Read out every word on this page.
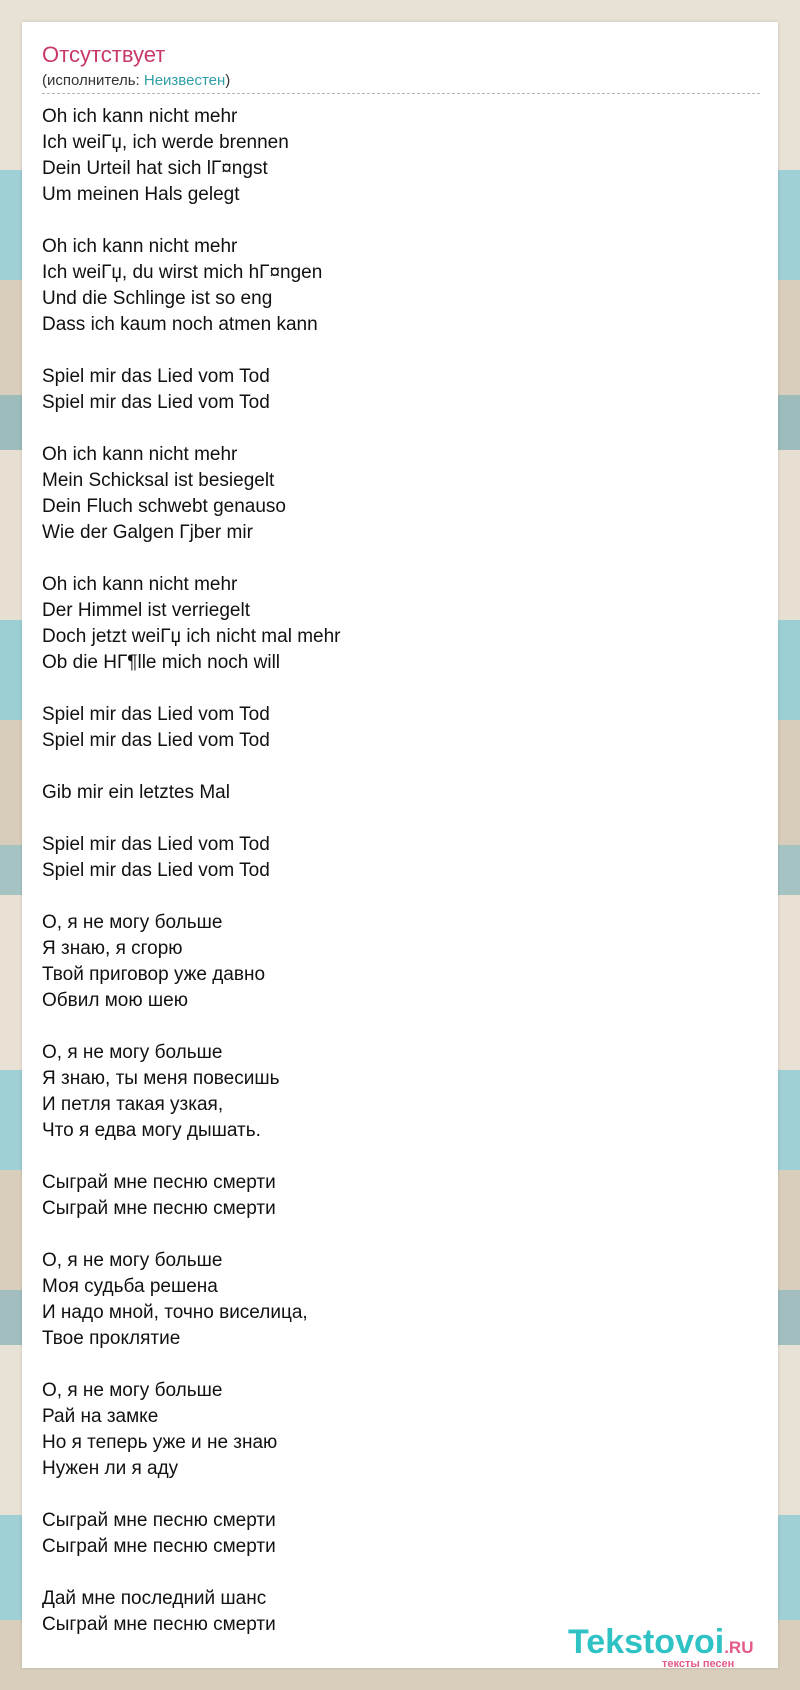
Отсутствует
(исполнитель: Неизвестен)
Oh ich kann nicht mehr
Ich weiГџ, ich werde brennen
Dein Urteil hat sich lГ¤ngst
Um meinen Hals gelegt
Oh ich kann nicht mehr
Ich weiГџ, du wirst mich hГ¤ngen
Und die Schlinge ist so eng
Dass ich kaum noch atmen kann
Spiel mir das Lied vom Tod
Spiel mir das Lied vom Tod
Oh ich kann nicht mehr
Mein Schicksal ist besiegelt
Dein Fluch schwebt genauso
Wie der Galgen Гјber mir
Oh ich kann nicht mehr
Der Himmel ist verriegelt
Doch jetzt weiГџ ich nicht mal mehr
Ob die HГ¶lle mich noch will
Spiel mir das Lied vom Tod
Spiel mir das Lied vom Tod
Gib mir ein letztes Mal
Spiel mir das Lied vom Tod
Spiel mir das Lied vom Tod
О, я не могу больше
Я знаю, я сгорю
Твой приговор уже давно
Обвил мою шею
О, я не могу больше
Я знаю, ты меня повесишь
И петля такая узкая,
Что я едва могу дышать.
Сыграй мне песню смерти
Сыграй мне песню смерти
О, я не могу больше
Моя судьба решена
И надо мной, точно виселица,
Твое проклятие
О, я не могу больше
Рай на замке
Но я теперь уже и не знаю
Нужен ли я аду
Сыграй мне песню смерти
Сыграй мне песню смерти
Дай мне последний шанс
Сыграй мне песню смерти	Tekstovoi.RU
тексты песен
